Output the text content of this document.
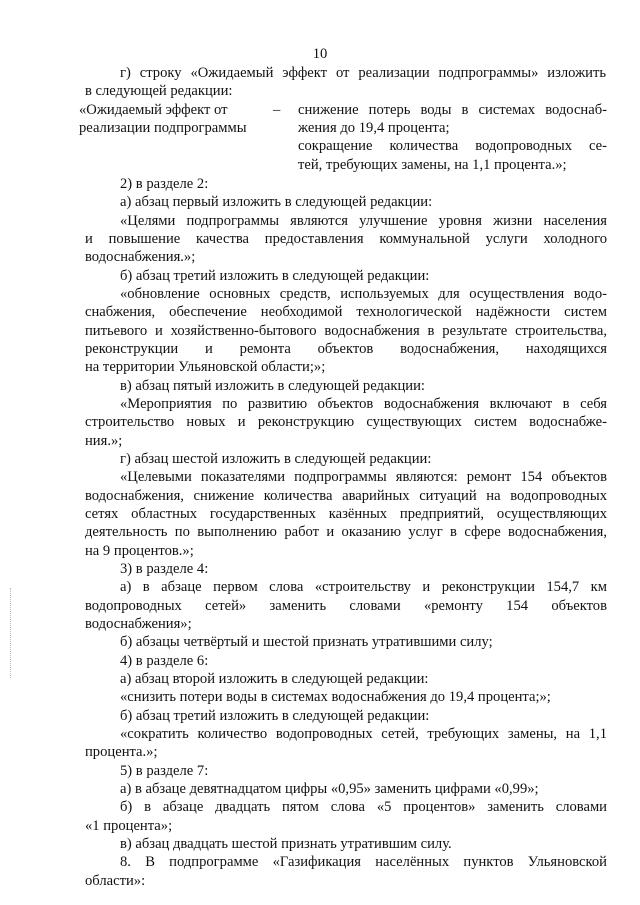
10
г) строку «Ожидаемый эффект от реализации подпрограммы» изложить
в следующей редакции:
«Ожидаемый эффект от	– снижение потерь воды в системах водоснаб-
реализации подпрограммы	жения до 19,4 процента;
сокращение количества водопроводных се-
тей, требующих замены, на 1,1 процента.»;
2) в разделе 2:
а) абзац первый изложить в следующей редакции:
«Целями подпрограммы являются улучшение уровня жизни населения
и повышение качества предоставления коммунальной услуги холодного
водоснабжения.»;
б) абзац третий изложить в следующей редакции:
«обновление основных средств, используемых для осуществления водо-
снабжения, обеспечение необходимой технологической надёжности систем
питьевого и хозяйственно-бытового водоснабжения в результате строительства,
реконструкции и ремонта объектов водоснабжения, находящихся
на территории Ульяновской области;»;
в) абзац пятый изложить в следующей редакции:
«Мероприятия по развитию объектов водоснабжения включают в себя
строительство новых и реконструкцию существующих систем водоснабже-
ния.»;
г) абзац шестой изложить в следующей редакции:
«Целевыми показателями подпрограммы являются: ремонт 154 объектов
водоснабжения, снижение количества аварийных ситуаций на водопроводных
сетях областных государственных казённых предприятий, осуществляющих
деятельность по выполнению работ и оказанию услуг в сфере водоснабжения,
на 9 процентов.»;
3) в разделе 4:
а) в абзаце первом слова «строительству и реконструкции 154,7 км
водопроводных сетей» заменить словами «ремонту 154 объектов
водоснабжения»;
б) абзацы четвёртый и шестой признать утратившими силу;
4) в разделе 6:
а) абзац второй изложить в следующей редакции:
«снизить потери воды в системах водоснабжения до 19,4 процента;»;
б) абзац третий изложить в следующей редакции:
«сократить количество водопроводных сетей, требующих замены, на 1,1
процента.»;
5) в разделе 7:
а) в абзаце девятнадцатом цифры «0,95» заменить цифрами «0,99»;
б) в абзаце двадцать пятом слова «5 процентов» заменить словами
«1 процента»;
в) абзац двадцать шестой признать утратившим силу.
8. В подпрограмме «Газификация населённых пунктов Ульяновской
области»:
